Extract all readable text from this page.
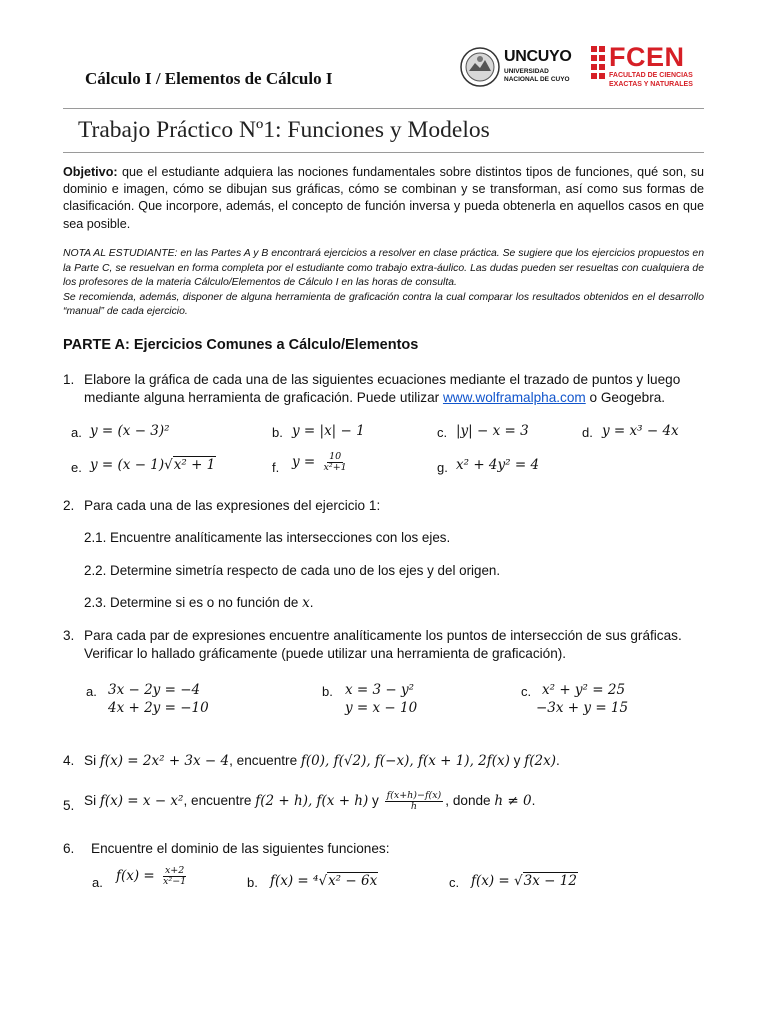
Cálculo I / Elementos de Cálculo I
UNCUYO
UNIVERSIDAD
NACIONAL DE CUYO
FCEN
FACULTAD DE CIENCIAS
EXACTAS Y NATURALES
Trabajo Práctico Nº1: Funciones y Modelos
Objetivo: que el estudiante adquiera las nociones fundamentales sobre distintos tipos de funciones, qué son, su dominio e imagen, cómo se dibujan sus gráficas, cómo se combinan y se transforman, así como sus formas de clasificación. Que incorpore, además, el concepto de función inversa y pueda obtenerla en aquellos casos en que sea posible.
NOTA AL ESTUDIANTE: en las Partes A y B encontrará ejercicios a resolver en clase práctica. Se sugiere que los ejercicios propuestos en la Parte C, se resuelvan en forma completa por el estudiante como trabajo extra-áulico. Las dudas pueden ser resueltas con cualquiera de los profesores de la materia Cálculo/Elementos de Cálculo I en las horas de consulta.
Se recomienda, además, disponer de alguna herramienta de graficación contra la cual comparar los resultados obtenidos en el desarrollo “manual” de cada ejercicio.
PARTE A: Ejercicios Comunes a Cálculo/Elementos
1. Elabore la gráfica de cada una de las siguientes ecuaciones mediante el trazado de puntos y luego mediante alguna herramienta de graficación. Puede utilizar www.wolframalpha.com o Geogebra.
a. y = (x − 3)²	b. y = |x| − 1	c. |y| − x = 3	d. y = x³ − 4x
e. y = (x − 1)√x² + 1	f. $y = \frac{10}{\text{x²+1}}$	g. x² + 4y² = 4
2. Para cada una de las expresiones del ejercicio 1:
2.1. Encuentre analíticamente las intersecciones con los ejes.
2.2. Determine simetría respecto de cada uno de los ejes y del origen.
2.3. Determine si es o no función de x.
3. Para cada par de expresiones encuentre analíticamente los puntos de intersección de sus gráficas. Verificar lo hallado gráficamente (puede utilizar una herramienta de graficación).
a. 3x − 2y = −4
4x + 2y = −10
b. x = 3 − y²
y = x − 10
c. x² + y² = 25
−3x + y = 15
4. Si f(x) = 2x² + 3x − 4, encuentre f(0), f(√2), f(−x), f(x + 1), 2f(x) y f(2x).
5. Si f(x) = x − x², encuentre f(2 + h), f(x + h) y $\frac{f(x+h)-f(x)}{h}$ , donde h ≠ 0.
6. Encuentre el dominio de las siguientes funciones:
a. $f(x) = \frac{x+2}{\text{x²−1}}$	b. f(x) = ⁴√x² − 6x	c. f(x) = √3x − 12
